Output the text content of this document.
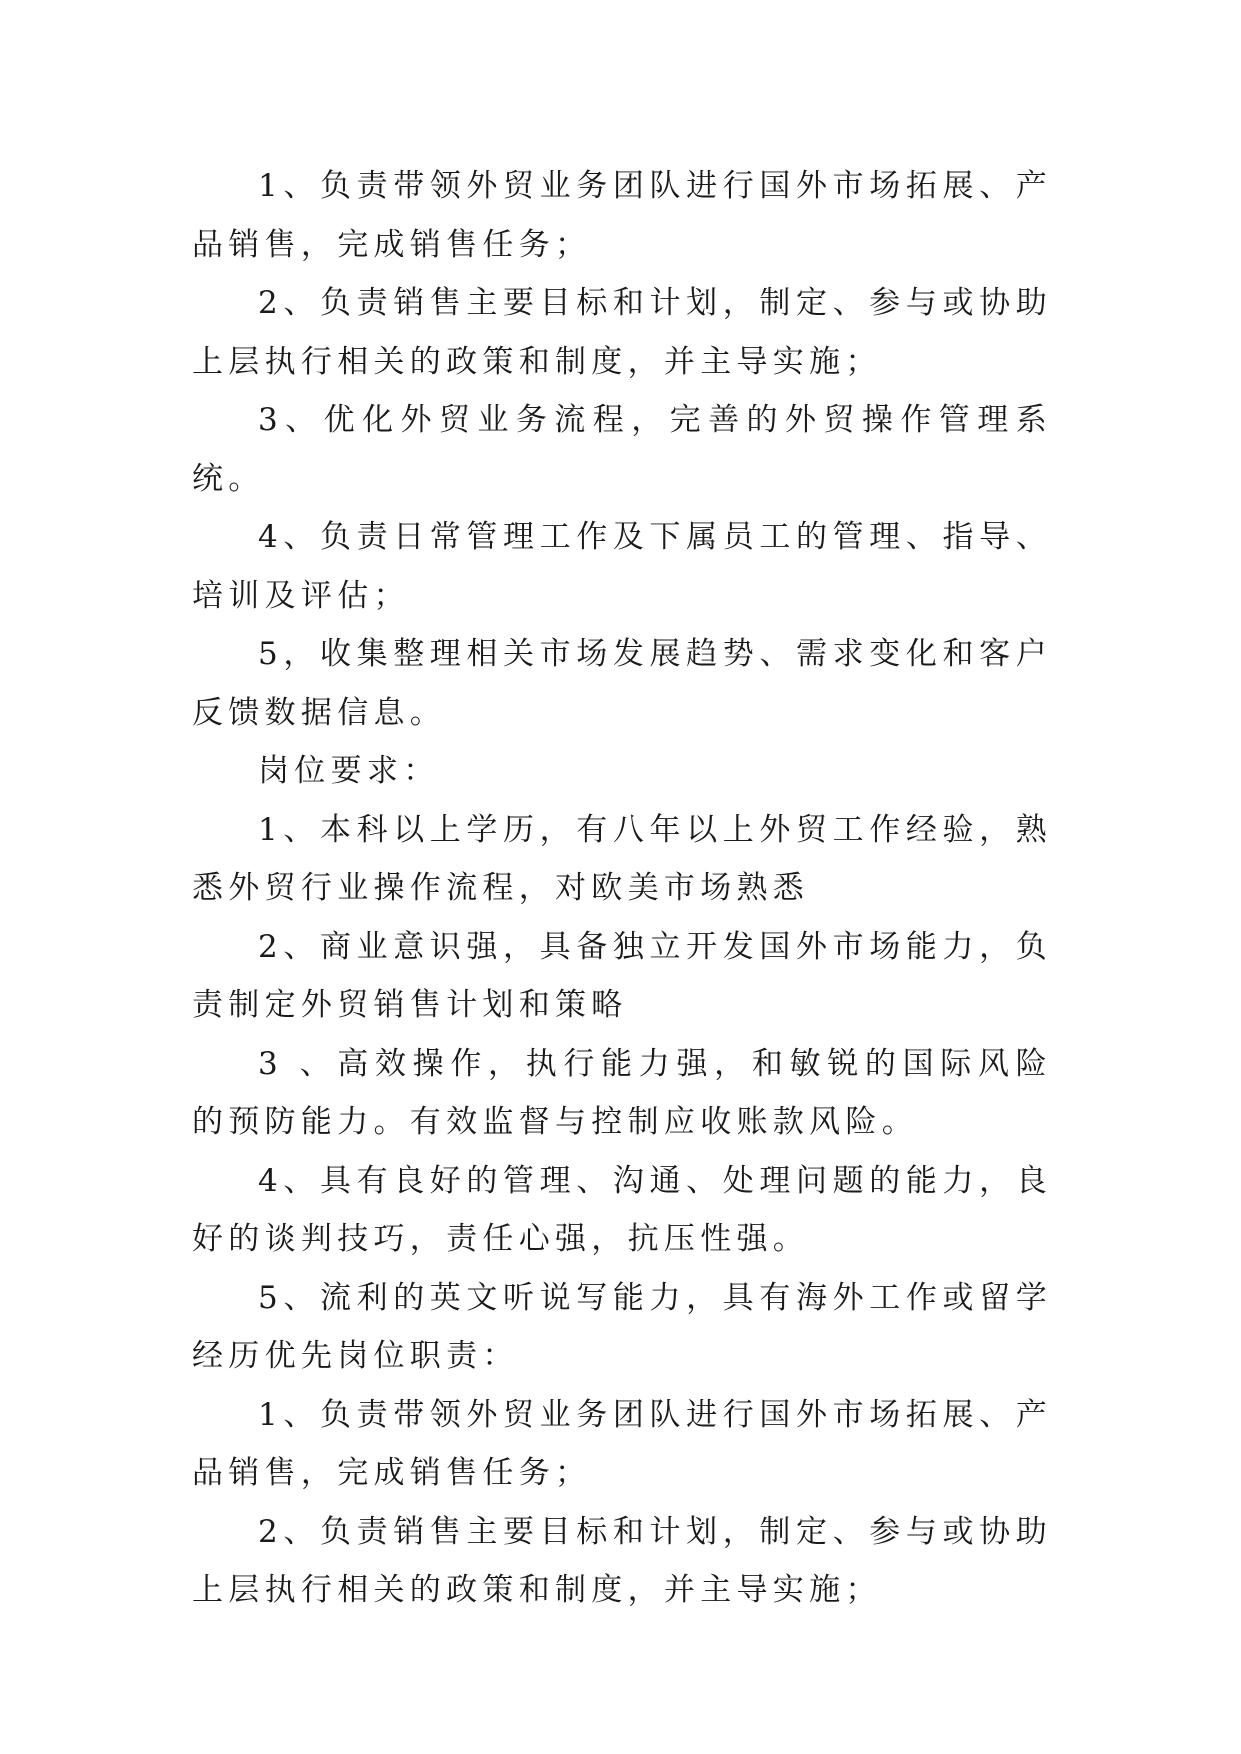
1、负责带领外贸业务团队进行国外市场拓展、产品销售，完成销售任务；

2、负责销售主要目标和计划，制定、参与或协助上层执行相关的政策和制度，并主导实施；

3、优化外贸业务流程，完善的外贸操作管理系统。

4、负责日常管理工作及下属员工的管理、指导、培训及评估；

5，收集整理相关市场发展趋势、需求变化和客户反馈数据信息。

岗位要求：

1、本科以上学历，有八年以上外贸工作经验，熟悉外贸行业操作流程，对欧美市场熟悉

2、商业意识强，具备独立开发国外市场能力，负责制定外贸销售计划和策略

3 、高效操作，执行能力强，和敏锐的国际风险的预防能力。有效监督与控制应收账款风险。

4、具有良好的管理、沟通、处理问题的能力，良好的谈判技巧，责任心强，抗压性强。

5、流利的英文听说写能力，具有海外工作或留学经历优先岗位职责：

1、负责带领外贸业务团队进行国外市场拓展、产品销售，完成销售任务；

2、负责销售主要目标和计划，制定、参与或协助上层执行相关的政策和制度，并主导实施；
